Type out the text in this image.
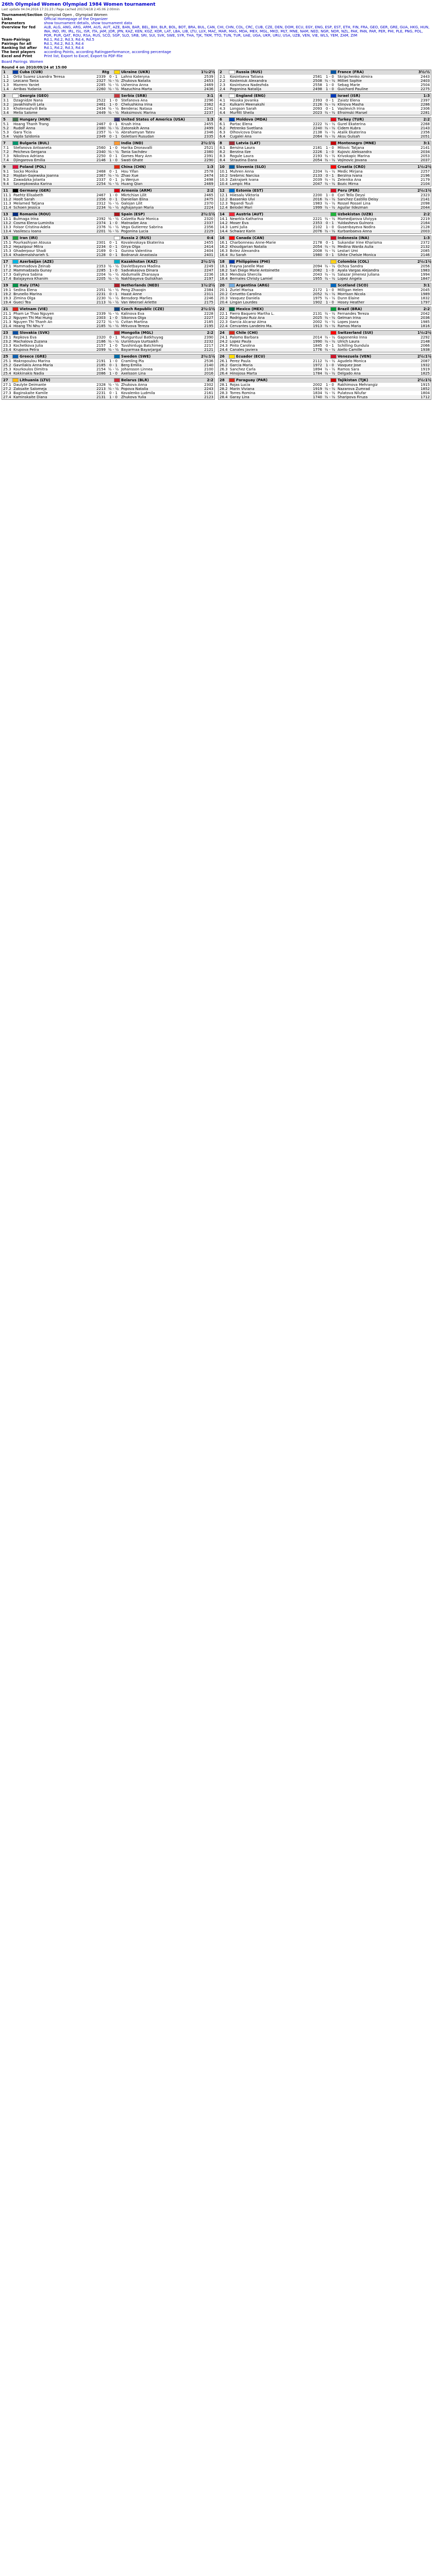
26th Olympiad Women Olympiad 1984 Women tournament
Last update 04.04.2016 17:31:23 / Page cached 2017/4/18 2:45:06 2:00min
Tournament/Section	Olympiad Open , Olympiad Women
Links	Official Homepage of the Organizer
Parameters	show tournament details, show tournament data
Overview for fed	ALB, ALG, ANG, ARG, ARM, AUS, AUT, AZE, BAN, BAR, BEL, BIH, BLR, BOL, BOT, BRA, BUL, CAN, CHI, CHN, COL, CRC, CUB, CZE, DEN, DOM, ECU, EGY, ENG, ESP, EST, ETH, FIN, FRA, GEO, GER, GRE, GUA, HKG, HUN, INA, IND, IRI, IRL, ISL, ISR, ITA, JAM, JOR, JPN, KAZ, KEN, KGZ, KOR, LAT, LBA, LIB, LTU, LUX, MAC, MAR, MAS, MDA, MEX, MGL, MKD, MLT, MNE, NAM, NED, NGR, NOR, NZL, PAK, PAN, PAR, PER, PHI, PLE, PNG, POL, POR, PUR, QAT, ROU, RSA, RUS, SCO, SGP, SLO, SRB, SRI, SUI, SVK, SWE, SYR, THA, TJK, TKM, TTO, TUN, TUR, UAE, UGA, UKR, URU, USA, UZB, VEN, VIE, WLS, YEM, ZAM, ZIM
Team-Pairings	Rd.1, Rd.2, Rd.3, Rd.4, Rd.5
Pairings for all	Rd.1, Rd.2, Rd.3, Rd.4
Ranking list after	Rd.1, Rd.2, Rd.3, Rd.4
The best players	according Points, according Ratingperformance, according percentage
Excel and Print	Print list, Export to Excel, Export to PDF-File
Board Pairings Women
Round 4 on 2010/09/24 at 15:00
1	Cuba (CUB)	Rtg	Ukraine (UKR)	1½:2½
1.1	Ortiz Suarez Lisandra Teresa	2339	0 - 1	Lahno Kateryna	2539
1.2	Lezcano Tania	2327 ½ - ½ Zhukova Natalia	2453
1.3	Marrero Yaniet	2285 ½ - ½ Ushenina Anna	2469
1.4	Arribas Yudania	2260 ½ - ½ Mazuchina Marta	2436
3	Georgia (GEO)	Serbia (SRB)	3:1
3.1	Dzagnidze Nana	2522	1 - 0	Stefanova Ana	2296
3.2	Javakhishvili Lela	2461	1 - 0	Chelushkina Irina	2362
3.3	Khotenashvili Bela	2434 ½ - ½ Benderac Natasa	2241
3.4	Melia Salome	2449 ½ - ½ Maksimovic Marina	2237
5	Hungary (HUN)	United States of America (USA)	1:3
5.1	Hoang Thanh Trang	2467	0 - 1	Krush Irina	2455
5.2	Rudolf Anna	2380 ½ - ½ Zatonskih Anna	2499
5.3	Gara Ticia	2357 ½ - ½ Abrahamyan Tatev	2346
5.4	Vajda Szidonia	2349	0 - 1	Goletiani Rusudan	2335
7	Bulgaria (BUL)	India (IND)	2½:1½
7.1	Stefanova Antoaneta	2560	1 - 0	Harika Dronavalli	2521
7.2	Peicheva Gergana	2340 ½ - ½ Tania Sachdev	2380
7.3	Nikolova Adriana	2250	0 - 1	Gomes Mary Ann	2391
7.4	Djingarova Emilia	2146	1 - 0	Swati Ghate	2290
9	Poland (POL)	China (CHN)	1:3
9.1	Socko Monika	2468	0 - 1	Hou Yifan	2578
9.2	Majdan-Gajewska Joanna	2367 ½ - ½ Zhao Xue	2474
9.3	Zawadzka Jolanta	2337	0 - 1	Ju Wenjun	2498
9.4	Szczepkowska Karina	2254 ½ - ½ Huang Qian	2469
11	Germany (GER)	Armenia (ARM)	2:2
11.1 Paehtz Elisabeth	2467	1 - 0	Mkrtchian Lilit	2465
11.2 Hoolt Sarah	2356	0 - 1	Danielian Elina	2475
11.3 Melamed Tatjana	2312 ½ - ½ Galojan Lilit	2370
11.4 Schoen Jessica	2234 ½ - ½ Aghajanyan Maria	2224
13	Romania (ROU)	Spain (ESP)	2½:1½
13.1 Bulmaga Irina	2392 ½ - ½ Calzetta Ruiz Monica	2320
13.2 Cosma Elena-Luminita	2374	1 - 0	Matnadze Ana	2337
13.3 Foisor Cristina-Adela	2376 ½ - ½ Vega Gutierrez Sabrina	2356
13.4 Vasilescu Ioana	2201 ½ - ½ Pogonina Lucia	2229
15	Iran (IRI)	Russia 2 (RUS)	0:4
15.1 Pourkashiyan Atousa	2301	0 - 1	Kovalevskaya Ekaterina	2455
15.2 Hejazipour Mitra	2234	0 - 1	Girya Olga	2414
15.3 Ghaderpour Shadi	2169	0 - 1	Gunina Valentina	2404
15.4 Khademalsharieh S.	2128	0 - 1	Bodnaruk Anastasia	2401
17	Azerbaijan (AZE)	Kazakhstan (KAZ)	2½:1½
17.1 Mammadova Zeinab	2353 ½ - ½ Davletbayeva Madina	2249
17.2 Mammadzada Gunay	2285	1 - 0	Sadvakasova Dinara	2247
17.3 Galiyeva Sabina	2204 ½ - ½ Abdumalik Zhansaya	2236
17.4 Balajayeva Khanim	2205 ½ - ½ Nakhbayeva Guliskhan	2197
19	Italy (ITA)	Netherlands (NED)	1½:2½
19.1 Sedina Elena	2351 ½ - ½ Peng Zhaoqin	2384
19.2 Brunello Marina	2231	0 - 1	Haast Anne	2311
19.3 Zimina Olga	2230 ½ - ½ Bensdorp Marlies	2246
19.4 Gueci Tea	2113 ½ - ½ Van Weersel Arlette	2175
21	Vietnam (VIE)	Czech Republic (CZE)	2½:1½
21.1 Pham Le Thao Nguyen	2339 ½ - ½ Kalinova Eva	2228
21.2 Nguyen Thi Mai Hung	2303	1 - 0	Sikorova Olga	2227
21.3 Nguyen Thi Thanh An	2272 ½ - ½ Cvitan Martina	2185
21.4 Hoang Thi Nhu Y	2185 ½ - ½ Mrkvova Tereza	2195
23	Slovakia (SVK)	Mongolia (MGL)	2:2
23.1 Repkova Eva	2320	0 - 1	Munguntuul Batkhuyag	2390
23.2 Machalova Zuzana	2186 ½ - ½ Uuriintuya Uurtsaikh	2232
23.3 Kochetkova Julia	2157	1 - 0	Tuvshintugs Batchimeg	2217
23.4 Krupova Petra	2099 ½ - ½ Bayarmaa Bayarjargal	2121
25	Greece (GRE)	Sweden (SWE)	2½:1½
25.1 Makropoulou Marina	2191	1 - 0	Cramling Pia	2536
25.2 Gavrilakis Anna-Maria	2185	0 - 1	Berg Emilia	2140
25.3 Kourkoulos Dimitra	2154 ½ - ½ Johansson Linnea	2100
25.4 Kokkinakis Nadia	2086	1 - 0	Axelsson Lina	2016
27	Lithuania (LTU)	Belarus (BLR)	2:2
27.1 Daulyte Deimante	2328 ½ - ½ Zhukova Anna	2302
27.2 Zaksaite Salomeja	2213 ½ - ½ Popova Natalia	2243
27.3 Baginskaite Kamile	2231	0 - 1	Kovalenko Ludmila	2161
27.4 Kaminskaite Diana	2131	1 - 0	Zhukova Yulia	2123
2	Russia (RUS)	France (FRA)	3½:½
2.1	Kosintseva Tatiana	2581	1 - 0	Skripchenko Almira	2443
2.2	Kosteniuk Alexandra	2508 ½ - ½ Milliet Sophie	2403
2.3	Kosintseva Nadezhda	2558	1 - 0	Sebag Marie	2504
2.4	Pogonina Natalija	2498	1 - 0	Guichard Pauline	2275
4	England (ENG)	Israel (ISR)	1:3
4.1	Houska Jovanka	2393	0 - 1	Zaiatz Elena	2397
4.2	Kulkarni Meenakshi	2126 ½ - ½ Klinova Masha	2286
4.3	Longson Sarah	2093	0 - 1	Vasilevich Irina	2306
4.4	Murfitt Sheila	2023 ½ - ½ Efroimski Marsel	2281
6	Moldova (MDA)	Turkey (TUR)	2:2
6.1	Partac Elena	2222 ½ - ½ Gurel Ekaterina	2268
6.2	Petrenko Svetlana	2240 ½ - ½ Cidem Kubra	2143
6.3	Olhovicova Diana	2138 ½ - ½ Atalik Ekaterina	2356
6.4	Cugalei Ana	2064 ½ - ½ Aksu Gulsah	2051
8	Latvia (LAT)	Montenegro (MNE)	3:1
8.1	Bersina Laura	2181	1 - 0	Milovic Tatjana	2141
8.2	Berzina Ilze	2226	1 - 0	Kujovic Aleksandra	2034
8.3	Rogule Laura	2193 ½ - ½ Krivokapic Marina	2053
8.4	Strautina Dana	2054 ½ - ½ Vojinovic Jovana	2037
10	Slovenia (SLO)	Croatia (CRO)	1½:2½
10.1 Muhren Anna	2204 ½ - ½ Medic Mirjana	2257
10.2 Srebrnic Narcisa	2133	0 - 1	Berzina Ivana	2196
10.3 Zakrajsek Ivana	2039 ½ - ½ Zelenika Ana	2179
10.4 Lampic Mia	2047 ½ - ½ Bozic Mirna	2104
12	Estonia (EST)	Peru (PER)	2½:1½
12.1 Hiiesalu Viktoria	2200	1 - 0	Cori Tello Deysi	2323
12.2 Bassenko Ulvi	2016 ½ - ½ Sanchez Castillo Deisy	2141
12.3 Tepandi Tuuli	1983 ½ - ½ Rossel Rossel Lina	2098
12.4 Belodel Mari	1999 ½ - ½ Aguilar Ildezman	2044
14	Austria (AUT)	Uzbekistan (UZB)	2:2
14.1 Newrkla Katharina	2221 ½ - ½ Mamedjarova Ulviyya	2219
14.2 Moser Eva	2353	0 - 1	Yuldasheva Gulnora	2164
14.3 Lami Julia	2102	1 - 0	Gusenbayeva Nodira	2128
14.4 Schwarz Karin	2076 ½ - ½ Kurbanbaeva Anna	2003
16	Canada (CAN)	Indonesia (INA)	1:3
16.1 Charbonneau Anne-Marie	2178	0 - 1	Sukandar Irine Kharisma	2372
16.2 Khoudgarian Natalia	2054 ½ - ½ Medina Warda Aulia	2132
16.3 Botez Alexandra	2008 ½ - ½ Lestari Umi	2085
16.4 Xu Sarah	1980	0 - 1	Sihite Chelsie Monica	2146
18	Philippines (PHI)	Colombia (COL)	2½:1½
18.1 Frayna Janelle Mae	2094 ½ - ½ Ochoa Sandra	2056
18.2 San Diego Marie Antoinette	2082	1 - 0	Ayala Vargas Alejandra	1983
18.3 Mendoza Shercila	2043 ½ - ½ Salazar Jimenez Juliana	1994
18.4 Bernales Christy Lamiel	1955 ½ - ½ Lopez Angela	1847
20	Argentina (ARG)	Scotland (SCO)	3:1
20.1 Zuriel Marisa	2172	1 - 0	Milligan Helen	2045
20.2 Cervetto Carolina	2052 ½ - ½ Morrison Nicola	1989
20.3 Vasquez Daniela	1975 ½ - ½ Dunn Elaine	1832
20.4 Lingan Lourdes	1902	1 - 0	Hosey Heather	1797
22	Mexico (MEX)	Brazil (BRA)	2:2
22.1 Fierro Baquero Martha L.	2131 ½ - ½ Fernandes Tereza	2042
22.2 Rodriguez Ruiz Ana	2025 ½ - ½ Gelman Irina	2036
22.3 Garcia Alcaraz Alma	2002 ½ - ½ Lopes Joara	1985
22.4 Cervantes Landeiro Ma.	1913 ½ - ½ Ramos Maria	1816
24	Chile (CHI)	Switzerland (SUI)	1½:2½
24.1 Palomo Barbara	2014 ½ - ½ Gaponenko Inna	2292
24.2 Lopez Paula	1990 ½ - ½ Ulrich Laura	2148
24.3 Pinto Carolina	1845	0 - 1	Schilling Gundula	2066
24.4 Canales Javiera	1776 ½ - ½ Aiello Camille	1938
26	Ecuador (ECU)	Venezuela (VEN)	2½:1½
26.1 Perez Paula	2112 ½ - ½ Agudelo Monica	2087
26.2 Garcia Maria	1972	1 - 0	Vasquez Jose	1932
26.3 Sanchez Carla	1894 ½ - ½ Ramos Sara	1919
26.4 Hinojosa Marta	1784 ½ - ½ Delgado Ana	1825
28	Paraguay (PAR)	Tajikistan (TJK)	2½:1½
28.1 Rojas Lucia	2002	1 - 0	Rakhimova Mehrangiz	1915
28.2 Marin Viviana	1919 ½ - ½ Nazarova Zumrad	1852
28.3 Torres Romina	1834 ½ - ½ Pulatova Nilufar	1804
28.4 Garay Lina	1740 ½ - ½ Sharipova Firuza	1712
